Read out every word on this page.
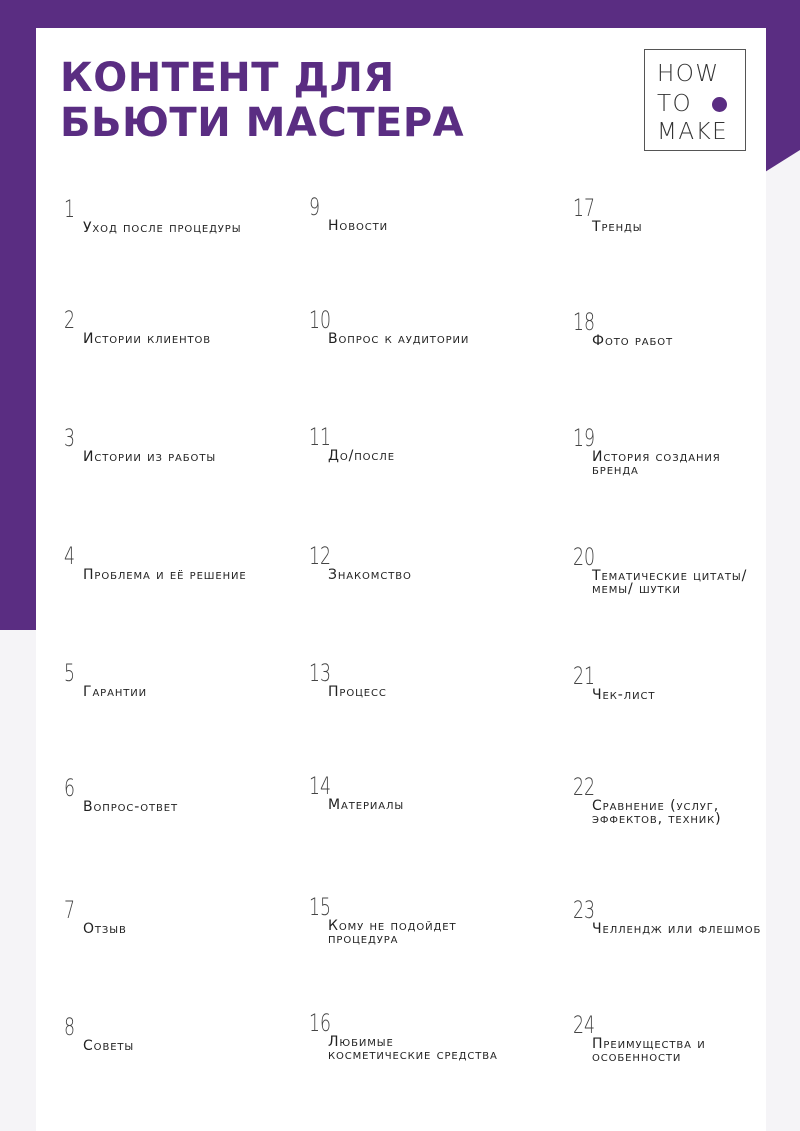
КОНТЕНТ ДЛЯ
БЬЮТИ МАСТЕРА
HOW
TO
MAKE
1
Уход после процедуры
2
Истории клиентов
3
Истории из работы
4
Проблема и её решение
5
Гарантии
6
Вопрос-ответ
7
Отзыв
8
Советы
9
Новости
10
Вопрос к аудитории
11
До/после
12
Знакомство
13
Процесс
14
Материалы
15
Кому не подойдет процедура
16
Любимые косметические средства
17
Тренды
18
Фото работ
19
История создания бренда
20
Тематические цитаты/мемы/ шутки
21
Чек-лист
22
Сравнение (услуг, эффектов, техник)
23
Челлендж или флешмоб
24
Преимущества и особенности
